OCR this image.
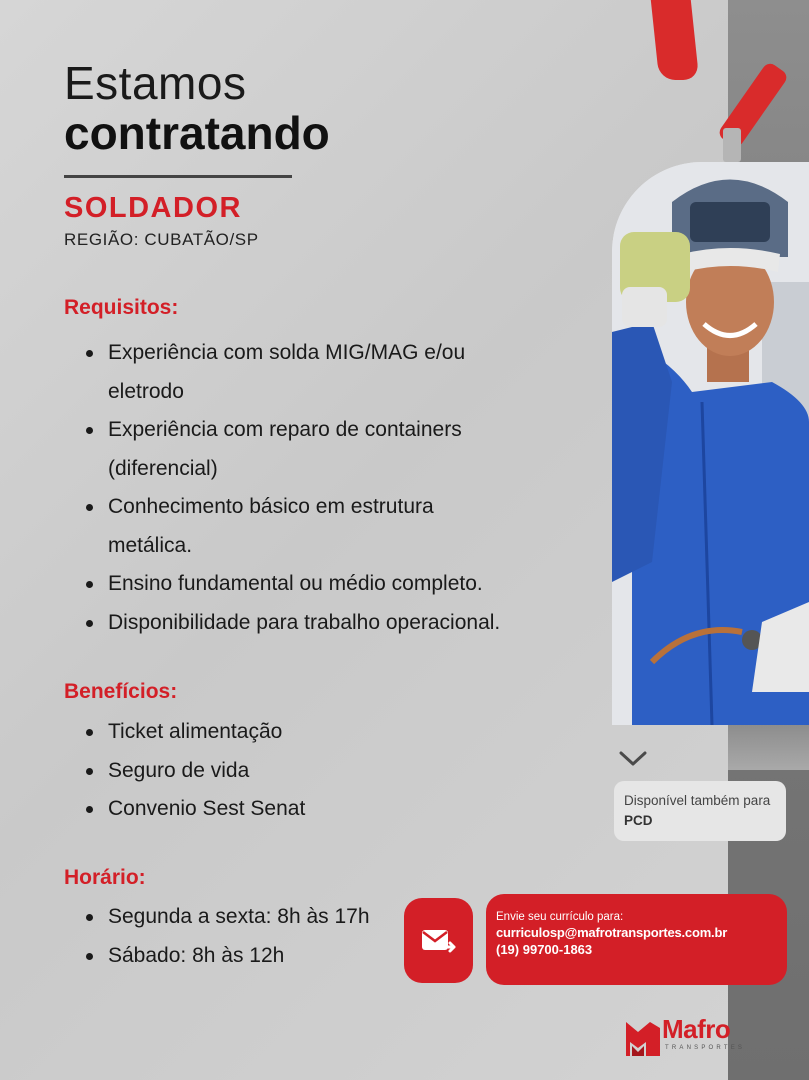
Estamos
contratando
SOLDADOR
REGIÃO: CUBATÃO/SP
Requisitos:
Experiência com solda MIG/MAG e/ou
eletrodo
Experiência com reparo de containers
(diferencial)
Conhecimento básico em estrutura
metálica.
Ensino fundamental ou médio completo.
Disponibilidade para trabalho operacional.
Benefícios:
Ticket alimentação
Seguro de vida
Convenio Sest Senat
Horário:
Segunda a sexta: 8h às 17h
Sábado: 8h às 12h
Disponível também para PCD
Envie seu currículo para:
curriculosp@mafrotransportes.com.br
(19) 99700-1863
Mafro
TRANSPORTES
